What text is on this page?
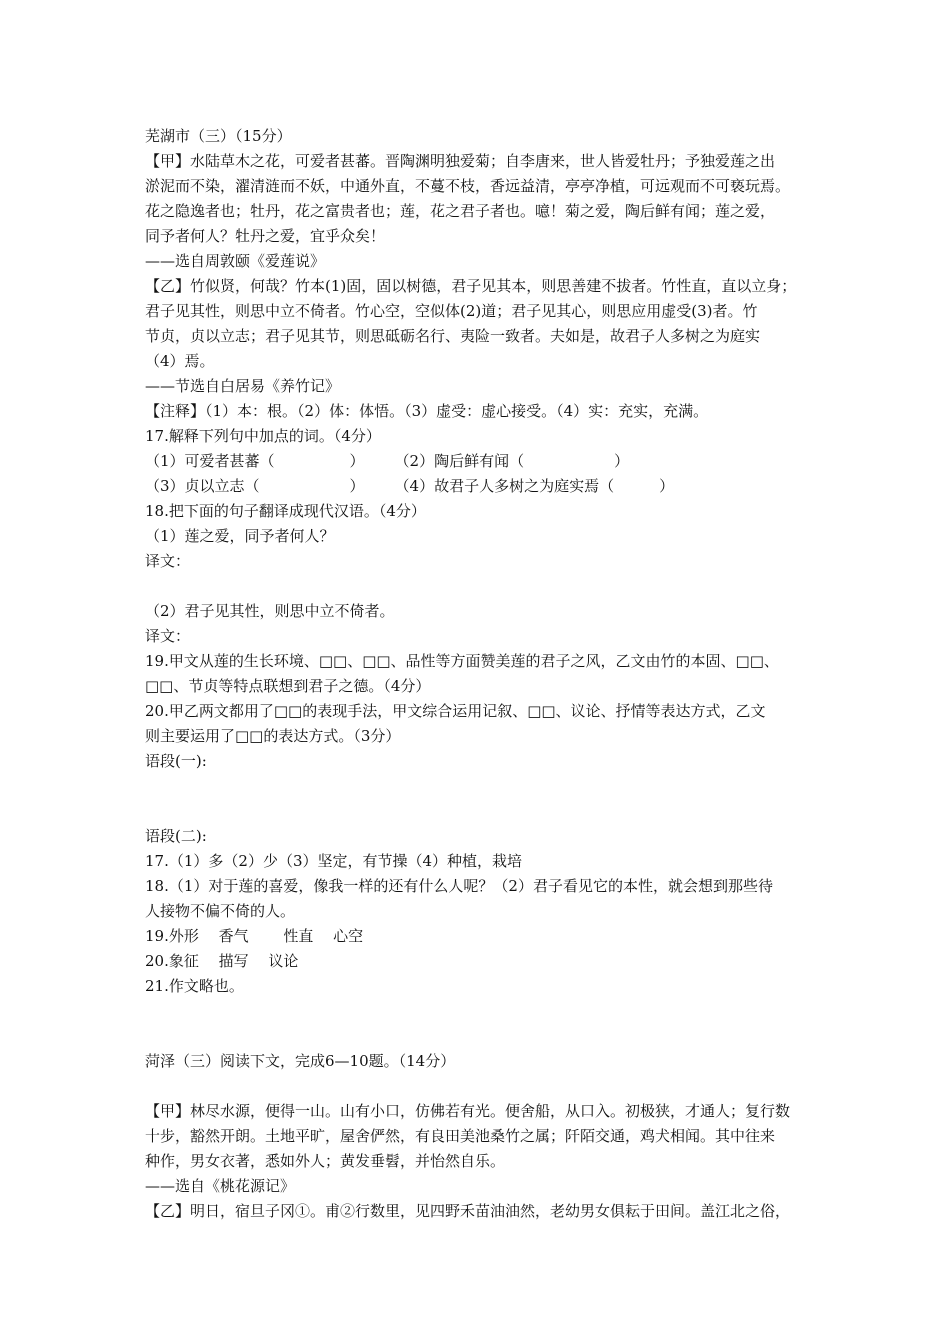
芜湖市（三）（15分）
【甲】水陆草木之花，可爱者甚蕃。晋陶渊明独爱菊；自李唐来，世人皆爱牡丹；予独爱莲之出
淤泥而不染，濯清涟而不妖，中通外直，不蔓不枝，香远益清，亭亭净植，可远观而不可亵玩焉。
花之隐逸者也；牡丹，花之富贵者也；莲，花之君子者也。噫！菊之爱，陶后鲜有闻；莲之爱，
同予者何人？牡丹之爱，宜乎众矣！
——选自周敦颐《爱莲说》
【乙】竹似贤，何哉？竹本(1)固，固以树德，君子见其本，则思善建不拔者。竹性直，直以立身；
君子见其性，则思中立不倚者。竹心空，空似体(2)道；君子见其心，则思应用虚受(3)者。竹
节贞，贞以立志；君子见其节，则思砥砺名行、夷险一致者。夫如是，故君子人多树之为庭实
（4）焉。
——节选自白居易《养竹记》
【注释】（1）本：根。（2）体：体悟。（3）虚受：虚心接受。（4）实：充实，充满。
17.解释下列句中加点的词。（4分）
（1）可爱者甚蕃（　　　　　）　　　（2）陶后鲜有闻（　　　　　　）
（3）贞以立志（　　　　　　）　　　（4）故君子人多树之为庭实焉（　　　）
18.把下面的句子翻译成现代汉语。（4分）
（1）莲之爱，同予者何人？
译文：
（2）君子见其性，则思中立不倚者。
译文：
19.甲文从莲的生长环境、□□、□□、品性等方面赞美莲的君子之风，乙文由竹的本固、□□、
□□、节贞等特点联想到君子之德。（4分）
20.甲乙两文都用了□□的表现手法，甲文综合运用记叙、□□、议论、抒情等表达方式，乙文
则主要运用了□□的表达方式。（3分）
语段(一):
语段(二):
17.（1）多（2）少（3）坚定，有节操（4）种植，栽培
18.（1）对于莲的喜爱，像我一样的还有什么人呢？（2）君子看见它的本性，就会想到那些待
人接物不偏不倚的人。
19.外形　 香气　　 性直　 心空
20.象征　 描写　 议论
21.作文略也。
菏泽（三）阅读下文，完成6—10题。（14分）
【甲】林尽水源，便得一山。山有小口，仿佛若有光。便舍船，从口入。初极狭，才通人；复行数
十步，豁然开朗。土地平旷，屋舍俨然，有良田美池桑竹之属；阡陌交通，鸡犬相闻。其中往来
种作，男女衣著，悉如外人；黄发垂髫，并怡然自乐。
——选自《桃花源记》
【乙】明日，宿旦子冈①。甫②行数里，见四野禾苗油油然，老幼男女俱耘于田间。盖江北之俗，
